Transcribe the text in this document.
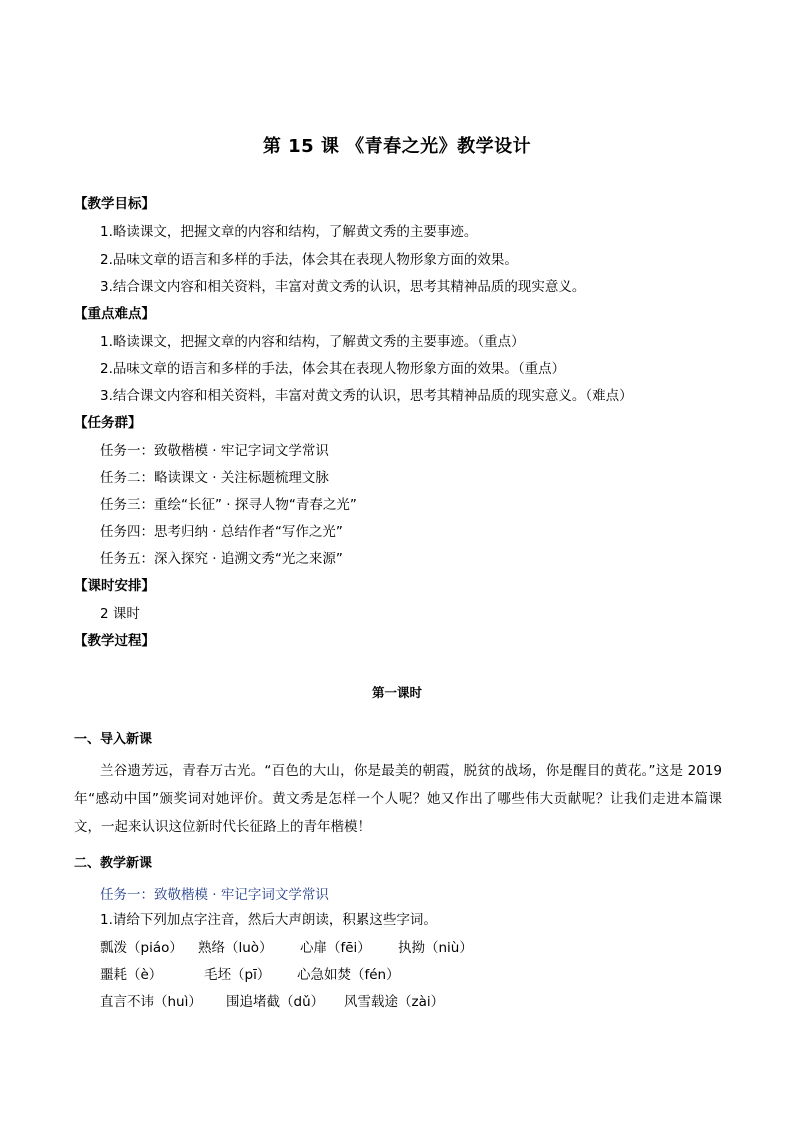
第 15 课 《青春之光》教学设计
【教学目标】
1.略读课文，把握文章的内容和结构，了解黄文秀的主要事迹。
2.品味文章的语言和多样的手法，体会其在表现人物形象方面的效果。
3.结合课文内容和相关资料，丰富对黄文秀的认识，思考其精神品质的现实意义。
【重点难点】
1.略读课文，把握文章的内容和结构，了解黄文秀的主要事迹。（重点）
2.品味文章的语言和多样的手法，体会其在表现人物形象方面的效果。（重点）
3.结合课文内容和相关资料，丰富对黄文秀的认识，思考其精神品质的现实意义。（难点）
【任务群】
任务一：致敬楷模 · 牢记字词文学常识
任务二：略读课文 · 关注标题梳理文脉
任务三：重绘“长征” · 探寻人物“青春之光”
任务四：思考归纳 · 总结作者“写作之光”
任务五：深入探究 · 追溯文秀“光之来源”
【课时安排】
2 课时
【教学过程】
第一课时
一、导入新课
兰谷遗芳远，青春万古光。“百色的大山，你是最美的朝霞，脱贫的战场，你是醒目的黄花。”这是 2019 年“感动中国”颁奖词对她评价。黄文秀是怎样一个人呢？她又作出了哪些伟大贡献呢？让我们走进本篇课文，一起来认识这位新时代长征路上的青年楷模！
二、教学新课
任务一：致敬楷模 · 牢记字词文学常识
1.请给下列加点字注音，然后大声朗读，积累这些字词。
瓢泼（piáo） 熟络（luò） 心扉（fēi） 执拗（niù）
噩耗（è）	毛坯（pī） 心急如焚（fén）
直言不讳（huì） 围追堵截（dǔ） 风雪载途（zài）
